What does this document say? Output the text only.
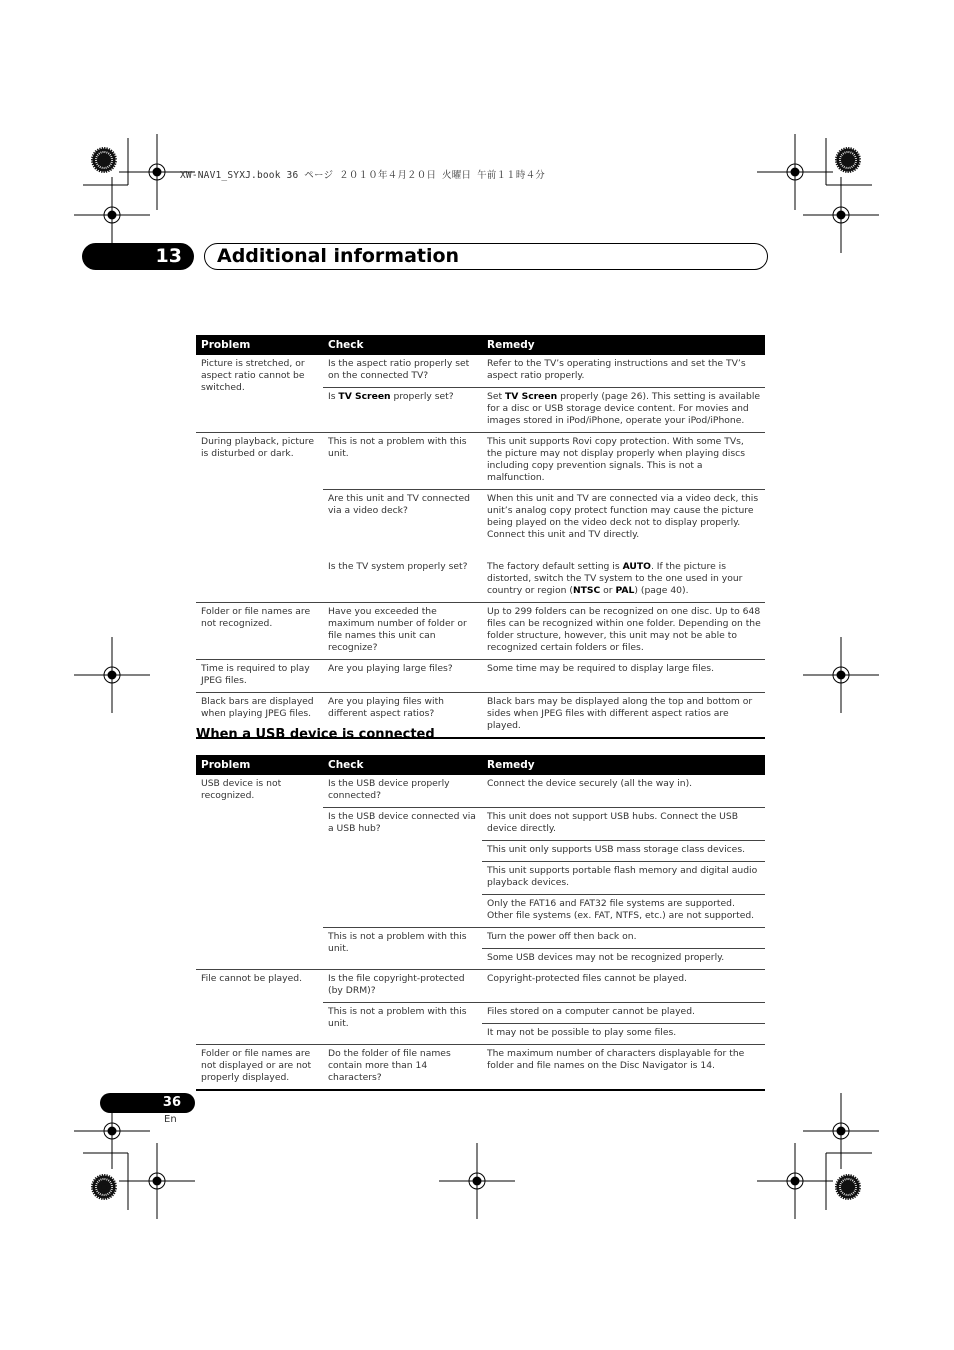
XW-NAV1_SYXJ.book 36 ページ ２０１０年４月２０日 火曜日 午前１１時４分
13	Additional information
Problem	Check	Remedy
Picture is stretched, or aspect ratio cannot be switched.	Is the aspect ratio properly set on the connected TV?	Refer to the TV’s operating instructions and set the TV’s aspect ratio properly.
	Is TV Screen properly set?	Set TV Screen properly (page 26). This setting is available for a disc or USB storage device content. For movies and images stored in iPod/iPhone, operate your iPod/iPhone.
During playback, picture is disturbed or dark.	This is not a problem with this unit.	This unit supports Rovi copy protection. With some TVs, the picture may not display properly when playing discs including copy prevention signals. This is not a malfunction.
	Are this unit and TV connected via a video deck?	When this unit and TV are connected via a video deck, this unit’s analog copy protect function may cause the picture being played on the video deck not to display properly. Connect this unit and TV directly.
	Is the TV system properly set?	The factory default setting is AUTO. If the picture is distorted, switch the TV system to the one used in your country or region (NTSC or PAL) (page 40).
Folder or file names are not recognized.	Have you exceeded the maximum number of folder or file names this unit can recognize?	Up to 299 folders can be recognized on one disc. Up to 648 files can be recognized within one folder. Depending on the folder structure, however, this unit may not be able to recognized certain folders or files.
Time is required to play JPEG files.	Are you playing large files?	Some time may be required to display large files.
Black bars are displayed when playing JPEG files.	Are you playing files with different aspect ratios?	Black bars may be displayed along the top and bottom or sides when JPEG files with different aspect ratios are played.
When a USB device is connected
Problem	Check	Remedy
USB device is not recognized.	Is the USB device properly connected?	Connect the device securely (all the way in).
	Is the USB device connected via a USB hub?	This unit does not support USB hubs. Connect the USB device directly.
		This unit only supports USB mass storage class devices.
		This unit supports portable flash memory and digital audio playback devices.
		Only the FAT16 and FAT32 file systems are supported. Other file systems (ex. FAT, NTFS, etc.) are not supported.
	This is not a problem with this unit.	Turn the power off then back on.
		Some USB devices may not be recognized properly.
File cannot be played.	Is the file copyright-protected (by DRM)?	Copyright-protected files cannot be played.
	This is not a problem with this unit.	Files stored on a computer cannot be played.
		It may not be possible to play some files.
Folder or file names are not displayed or are not properly displayed.	Do the folder of file names contain more than 14 characters?	The maximum number of characters displayable for the folder and file names on the Disc Navigator is 14.
36
En
